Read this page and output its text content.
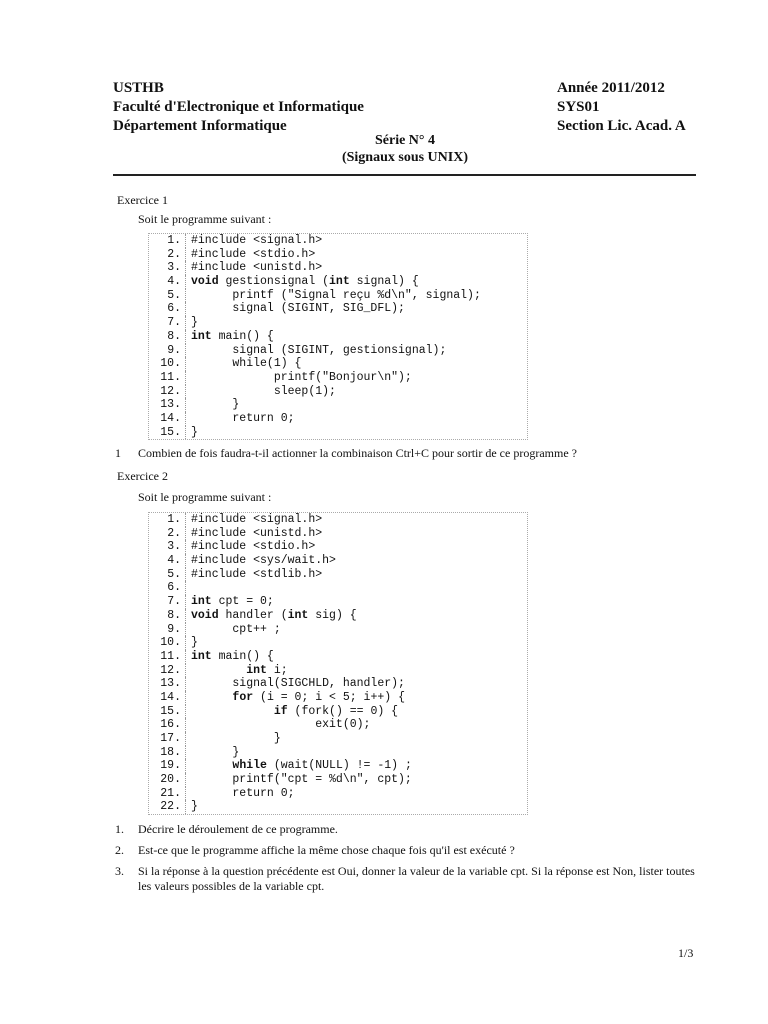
USTHB
Faculté d'Electronique et Informatique
Département Informatique
Année 2011/2012
SYS01
Section Lic. Acad. A
Série N° 4
(Signaux sous UNIX)
Exercice 1
Soit le programme suivant :
1. #include <signal.h>
2. #include <stdio.h>
3. #include <unistd.h>
4. void gestionsignal (int signal) {
5. printf ("Signal reçu %d\n", signal);
6. signal (SIGINT, SIG_DFL);
7. }
8. int main() {
9. signal (SIGINT, gestionsignal);
10. while(1) {
11. printf("Bonjour\n");
12. sleep(1);
13. }
14. return 0;
15. }
1	Combien de fois faudra-t-il actionner la combinaison Ctrl+C pour sortir de ce programme ?
Exercice 2
Soit le programme suivant :
1. #include <signal.h>
2. #include <unistd.h>
3. #include <stdio.h>
4. #include <sys/wait.h>
5. #include <stdlib.h>
6.
7. int cpt = 0;
8. void handler (int sig) {
9. cpt++ ;
10. }
11. int main() {
12.	int i;
13. signal(SIGCHLD, handler);
14.	for (i = 0; i < 5; i++) {
15.	if (fork() == 0) {
16. exit(0);
17. }
18. }
19.	while (wait(NULL) != -1) ;
20. printf("cpt = %d\n", cpt);
21. return 0;
22. }
1.	Décrire le déroulement de ce programme.
2.	Est-ce que le programme affiche la même chose chaque fois qu'il est exécuté ?
3.	Si la réponse à la question précédente est Oui, donner la valeur de la variable cpt. Si la réponse est Non, lister toutes les valeurs possibles de la variable cpt.
1/3
